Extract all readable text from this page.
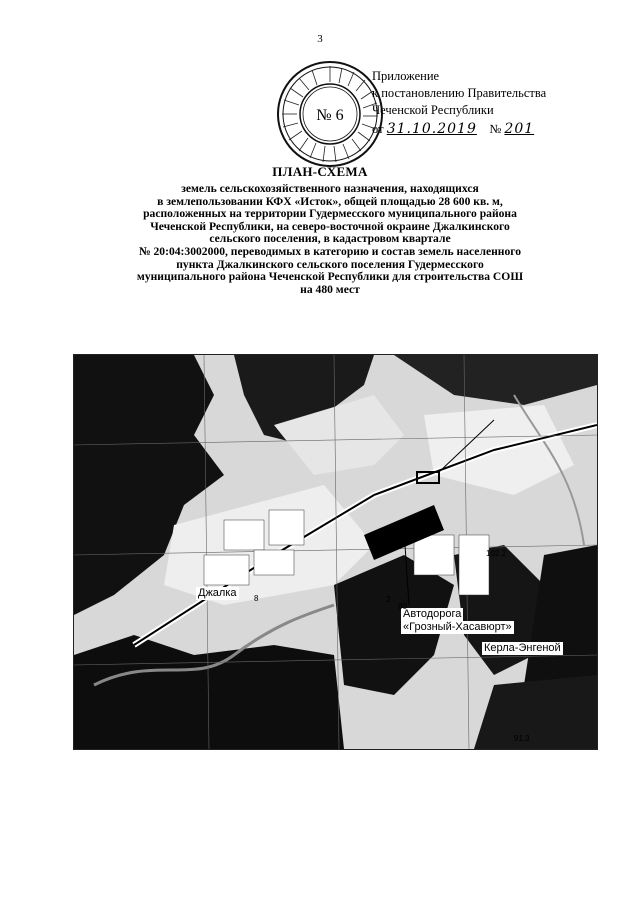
3
№ 6
Приложение
к постановлению Правительства
Чеченской Республики
от 31.10.2019 № 201
ПЛАН-СХЕМА
земель сельскохозяйственного назначения, находящихся
в землепользовании КФХ «Исток», общей площадью 28 600 кв. м,
расположенных на территории Гудермесского муниципального района
Чеченской Республики, на северо-восточной окраине Джалкинского
сельского поселения, в кадастровом квартале
№ 20:04:3002000, переводимых в категорию и состав земель населенного
пункта Джалкинского сельского поселения Гудермесского
муниципального района Чеченской Республики для строительства СОШ
на 480 мест
Джалка
Керла-Энгеной
Автодорога
«Грозный-Хасавюрт»
102.2
91.3
80
2
8
